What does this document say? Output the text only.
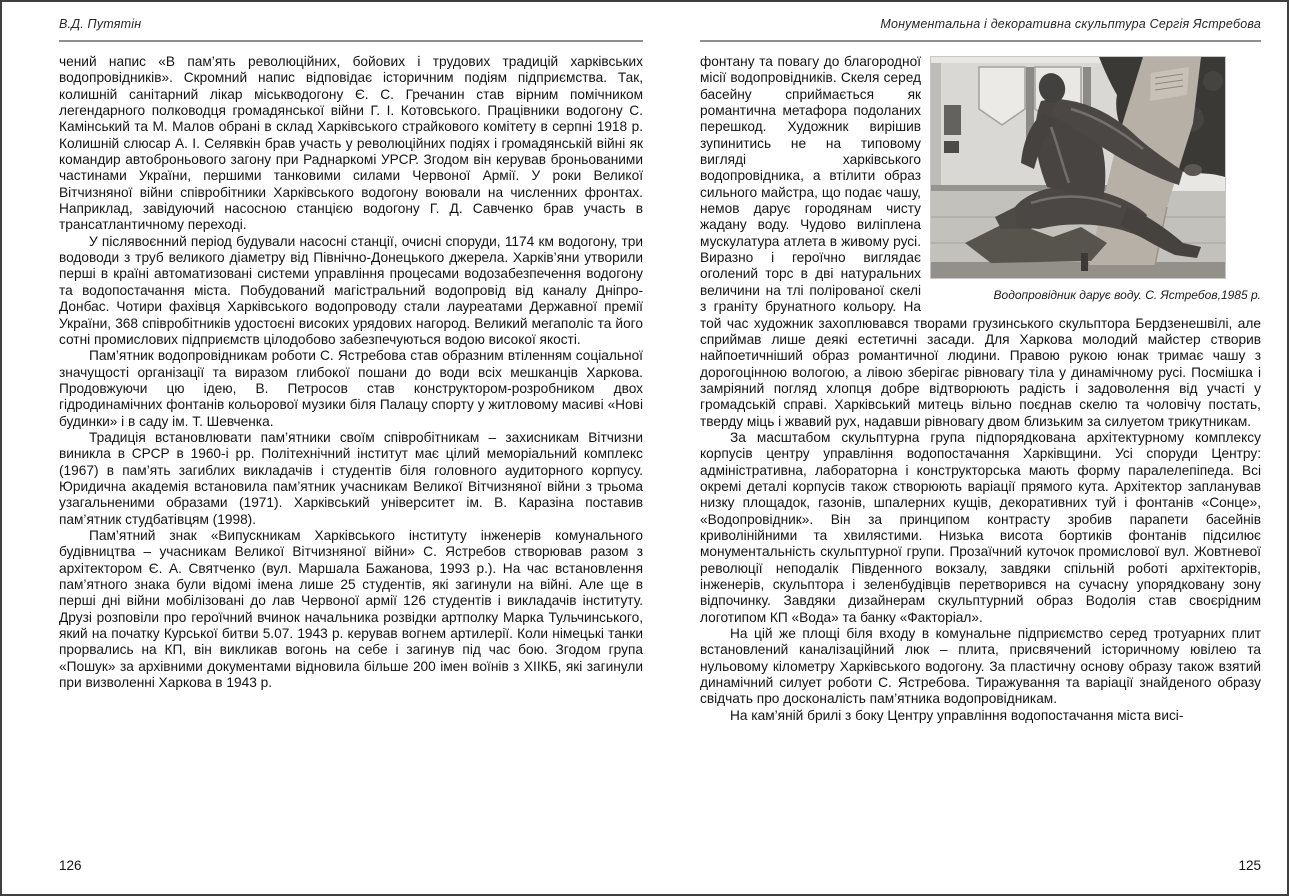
В.Д. Путятін

чений напис «В пам’ять революційних, бойових і трудових традицій харківських водопровідників». Скромний напис відповідає історичним подіям підприємства. Так, колишній санітарний лікар міськводогону Є. С. Гречанин став вірним помічником легендарного полководця громадянської війни Г. І. Котовського. Працівники водогону С. Камінський та М. Малов обрані в склад Харківського страйкового комітету в серпні 1918 р. Колишній слюсар А. І. Селявкін брав участь у революційних подіях і громадянській війні як командир автоброньового загону при Раднаркомі УРСР. Згодом він керував броньованими частинами України, першими танковими силами Червоної Армії. У роки Великої Вітчизняної війни співробітники Харківського водогону воювали на численних фронтах. Наприклад, завідуючий насосною станцією водогону Г. Д. Савченко брав участь в трансатлантичному переході.

У післявоєнний період будували насосні станції, очисні споруди, 1174 км водогону, три водоводи з труб великого діаметру від Північно-Донецького джерела. Харків’яни утворили перші в країні автоматизовані системи управління процесами водозабезпечення водогону та водопостачання міста. Побудований магістральний водопровід від каналу Дніпро-Донбас. Чотири фахівця Харківського водопроводу стали лауреатами Державної премії України, 368 співробітників удостоєні високих урядових нагород. Великий мегаполіс та його сотні промислових підприємств цілодобово забезпечуються водою високої якості.

Пам’ятник водопровідникам роботи С. Ястребова став образним втіленням соціальної значущості організації та виразом глибокої пошани до води всіх мешканців Харкова. Продовжуючи цю ідею, В. Петросов став конструктором-розробником двох гідродинамічних фонтанів кольорової музики біля Палацу спорту у житловому масиві «Нові будинки» і в саду ім. Т. Шевченка.

Традиція встановлювати пам’ятники своїм співробітникам – захисникам Вітчизни виникла в СРСР в 1960-і рр. Політехнічний інститут має цілий меморіальний комплекс (1967) в пам’ять загиблих викладачів і студентів біля головного аудиторного корпусу. Юридична академія встановила пам’ятник учасникам Великої Вітчизняної війни з трьома узагальненими образами (1971). Харківський університет ім. В. Каразіна поставив пам’ятник студбатівцям (1998).

Пам’ятний знак «Випускникам Харківського інституту інженерів комунального будівництва – учасникам Великої Вітчизняної війни» С. Ястребов створював разом з архітектором Є. А. Святченко (вул. Маршала Бажанова, 1993 р.). На час встановлення пам’ятного знака були відомі імена лише 25 студентів, які загинули на війні. Але ще в перші дні війни мобілізовані до лав Червоної армії 126 студентів і викладачів інституту. Друзі розповіли про героїчний вчинок начальника розвідки артполку Марка Тульчинського, який на початку Курської битви 5.07. 1943 р. керував вогнем артилерії. Коли німецькі танки прорвались на КП, він викликав вогонь на себе і загинув під час бою. Згодом група «Пошук» за архівними документами відновила більше 200 імен воїнів з ХІІКБ, які загинули при визволенні Харкова в 1943 р.

126
Монументальна і декоративна скульптура Сергія Ястребова
Водопровідник дарує воду. С. Ястребов,1985 р.

фонтану та повагу до благородної місії водопровідників. Скеля серед басейну сприймається як романтична метафора подоланих перешкод. Художник вирішив зупинитись не на типовому вигляді харківського водопровідника, а втілити образ сильного майстра, що подає чашу, немов дарує городянам чисту жадану воду. Чудово виліплена мускулатура атлета в живому русі. Виразно і героїчно виглядає оголений торс в дві натуральних величини на тлі полірованої скелі з граніту брунатного кольору. На той час художник захоплювався творами грузинського скульптора Бердзенешвілі, але сприймав лише деякі естетичні засади. Для Харкова молодий майстер створив найпоетичніший образ романтичної людини. Правою рукою юнак тримає чашу з дорогоцінною вологою, а лівою зберігає рівновагу тіла у динамічному русі. Посмішка і замріяний погляд хлопця добре відтворюють радість і задоволення від участі у громадській справі. Харківський митець вільно поєднав скелю та чоловічу постать, тверду міць і жвавий рух, надавши рівновагу двом близьким за силуетом трикутникам.

За масштабом скульптурна група підпорядкована архітектурному комплексу корпусів центру управління водопостачання Харківщини. Усі споруди Центру: адміністративна, лабораторна і конструкторська мають форму паралелепіпеда. Всі окремі деталі корпусів також створюють варіації прямого кута. Архітектор запланував низку площадок, газонів, шпалерних кущів, декоративних туй і фонтанів «Сонце», «Водопровідник». Він за принципом контрасту зробив парапети басейнів криволінійними та хвилястими. Низька висота бортиків фонтанів підсилює монументальність скульптурної групи. Прозаїчний куточок промислової вул. Жовтневої революції неподалік Південного вокзалу, завдяки спільній роботі архітекторів, інженерів, скульптора і зеленбудівців перетворився на сучасну упорядковану зону відпочинку. Завдяки дизайнерам скульптурний образ Водолія став своєрідним логотипом КП «Вода» та банку «Факторіал».

На цій же площі біля входу в комунальне підприємство серед тротуарних плит встановлений каналізаційний люк – плита, присвячений історичному ювілею та нульовому кілометру Харківського водогону. За пластичну основу образу також взятий динамічний силует роботи С. Ястребова. Тиражування та варіації знайденого образу свідчать про досконалість пам’ятника водопровідникам.

На кам’яній брилі з боку Центру управління водопостачання міста висі-

125
